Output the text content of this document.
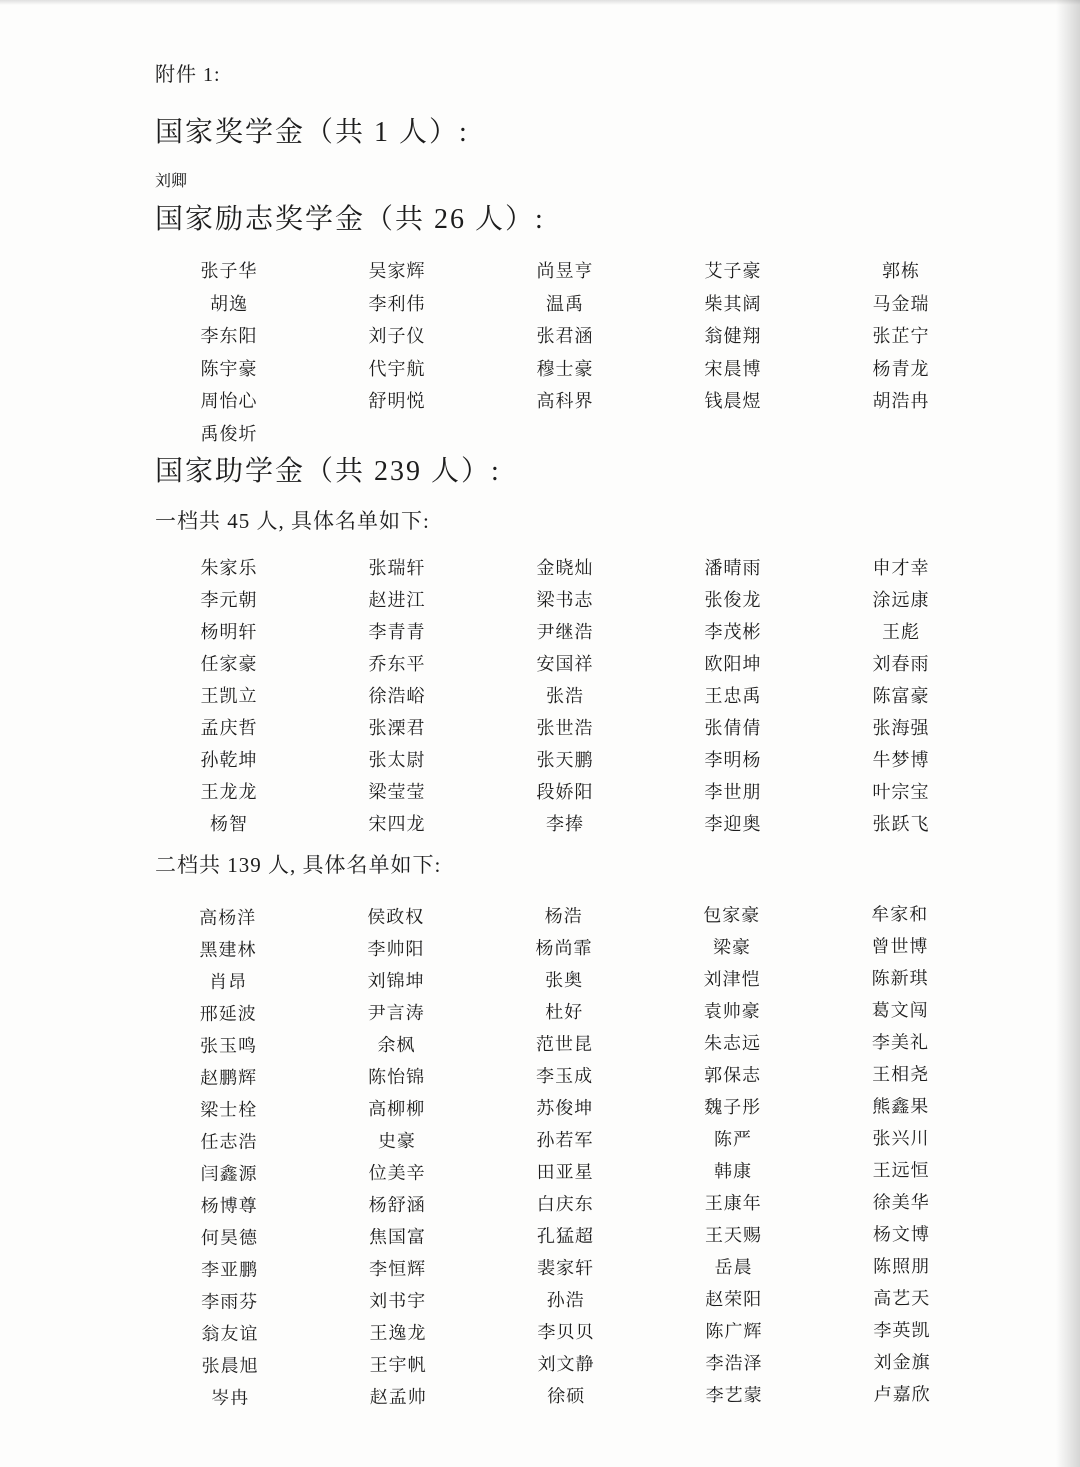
附件 1:

国家奖学金（共 1 人）:

刘卿

国家励志奖学金（共 26 人）:
张子华	吴家辉	尚昱亨	艾子豪	郭栋
胡逸	李利伟	温禹	柴其阔	马金瑞
李东阳	刘子仪	张君涵	翁健翔	张芷宁
陈宇豪	代宇航	穆士豪	宋晨博	杨青龙
周怡心	舒明悦	高科界	钱晨煜	胡浩冉
禹俊圻
国家助学金（共 239 人）:

一档共 45 人, 具体名单如下:

朱家乐	张瑞轩	金晓灿	潘晴雨	申才幸
李元朝	赵进江	梁书志	张俊龙	涂远康
杨明轩	李青青	尹继浩	李茂彬	王彪
任家豪	乔东平	安国祥	欧阳坤	刘春雨
王凯立	徐浩峪	张浩	王忠禹	陈富豪
孟庆哲	张溧君	张世浩	张倩倩	张海强
孙乾坤	张太尉	张天鹏	李明杨	牛梦博
王龙龙	梁莹莹	段娇阳	李世朋	叶宗宝
杨智	宋四龙	李捧	李迎奥	张跃飞

二档共 139 人, 具体名单如下:

高杨洋	侯政权	杨浩	包家豪	牟家和
黑建林	李帅阳	杨尚霏	梁豪	曾世博
肖昂	刘锦坤	张奥	刘津恺	陈新琪
邢延波	尹言涛	杜好	袁帅豪	葛文闯
张玉鸣	余枫	范世昆	朱志远	李美礼
赵鹏辉	陈怡锦	李玉成	郭保志	王相尧
梁士栓	高柳柳	苏俊坤	魏子彤	熊鑫果
任志浩	史豪	孙若军	陈严	张兴川
闫鑫源	位美辛	田亚星	韩康	王远恒
杨博尊	杨舒涵	白庆东	王康年	徐美华
何昊德	焦国富	孔猛超	王天赐	杨文博
李亚鹏	李恒辉	裴家轩	岳晨	陈照朋
李雨芬	刘书宇	孙浩	赵荣阳	高艺天
翁友谊	王逸龙	李贝贝	陈广辉	李英凯
张晨旭	王宇帆	刘文静	李浩泽	刘金旗
岑冉	赵孟帅	徐硕	李艺蒙	卢嘉欣
